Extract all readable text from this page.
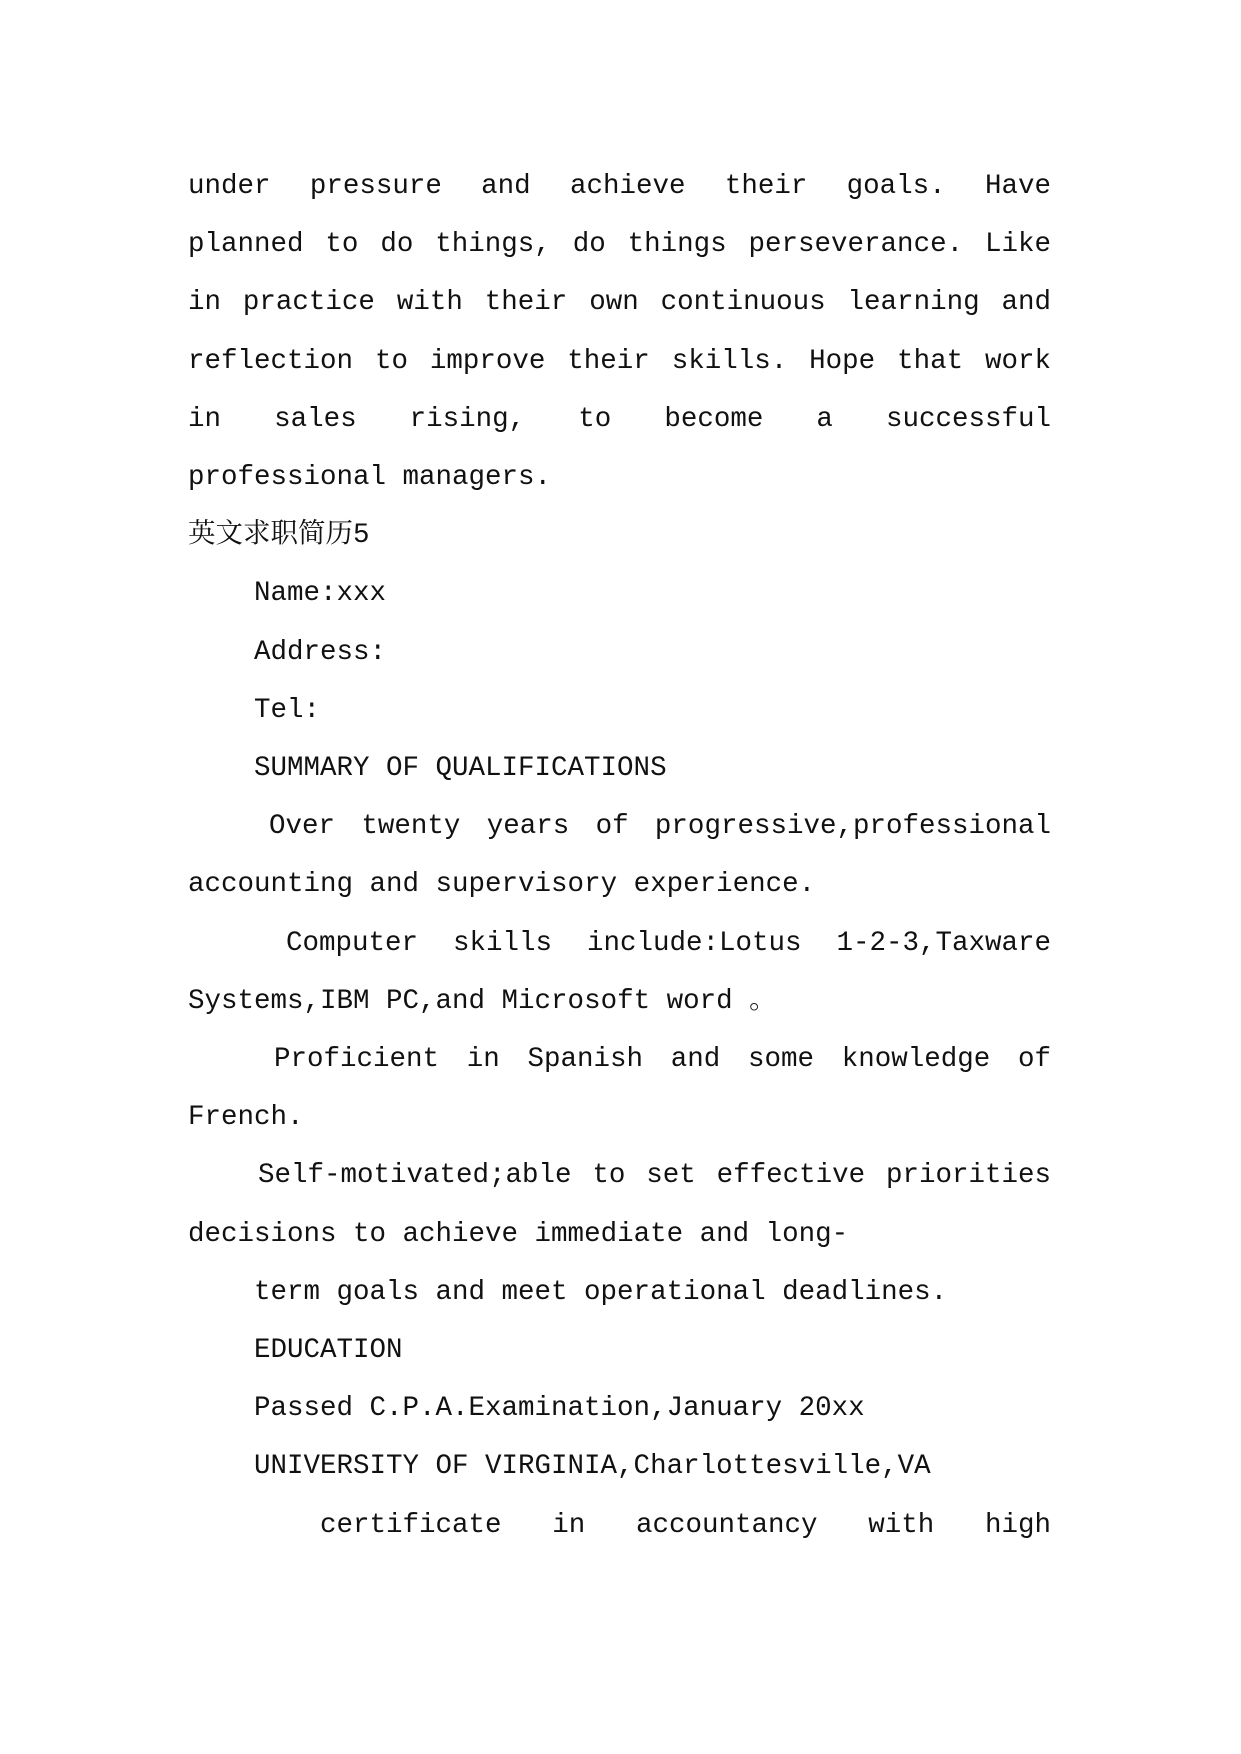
under pressure and achieve their goals. Have
planned to do things, do things perseverance. Like
in practice with their own continuous learning and
reflection to improve their skills. Hope that work
in sales rising, to become a successful
professional managers.
英文求职简历5
Name:xxx
Address:
Tel:
SUMMARY OF QUALIFICATIONS
Over twenty years of progressive,professional
accounting and supervisory experience.
Computer skills include:Lotus 1-2-3,Taxware
Systems,IBM PC,and Microsoft word 。
Proficient in Spanish and some knowledge of
French.
Self-motivated;able to set effective priorities
decisions to achieve immediate and long-
term goals and meet operational deadlines.
EDUCATION
Passed C.P.A.Examination,January 20xx
UNIVERSITY OF VIRGINIA,Charlottesville,VA
certificate in accountancy with high
